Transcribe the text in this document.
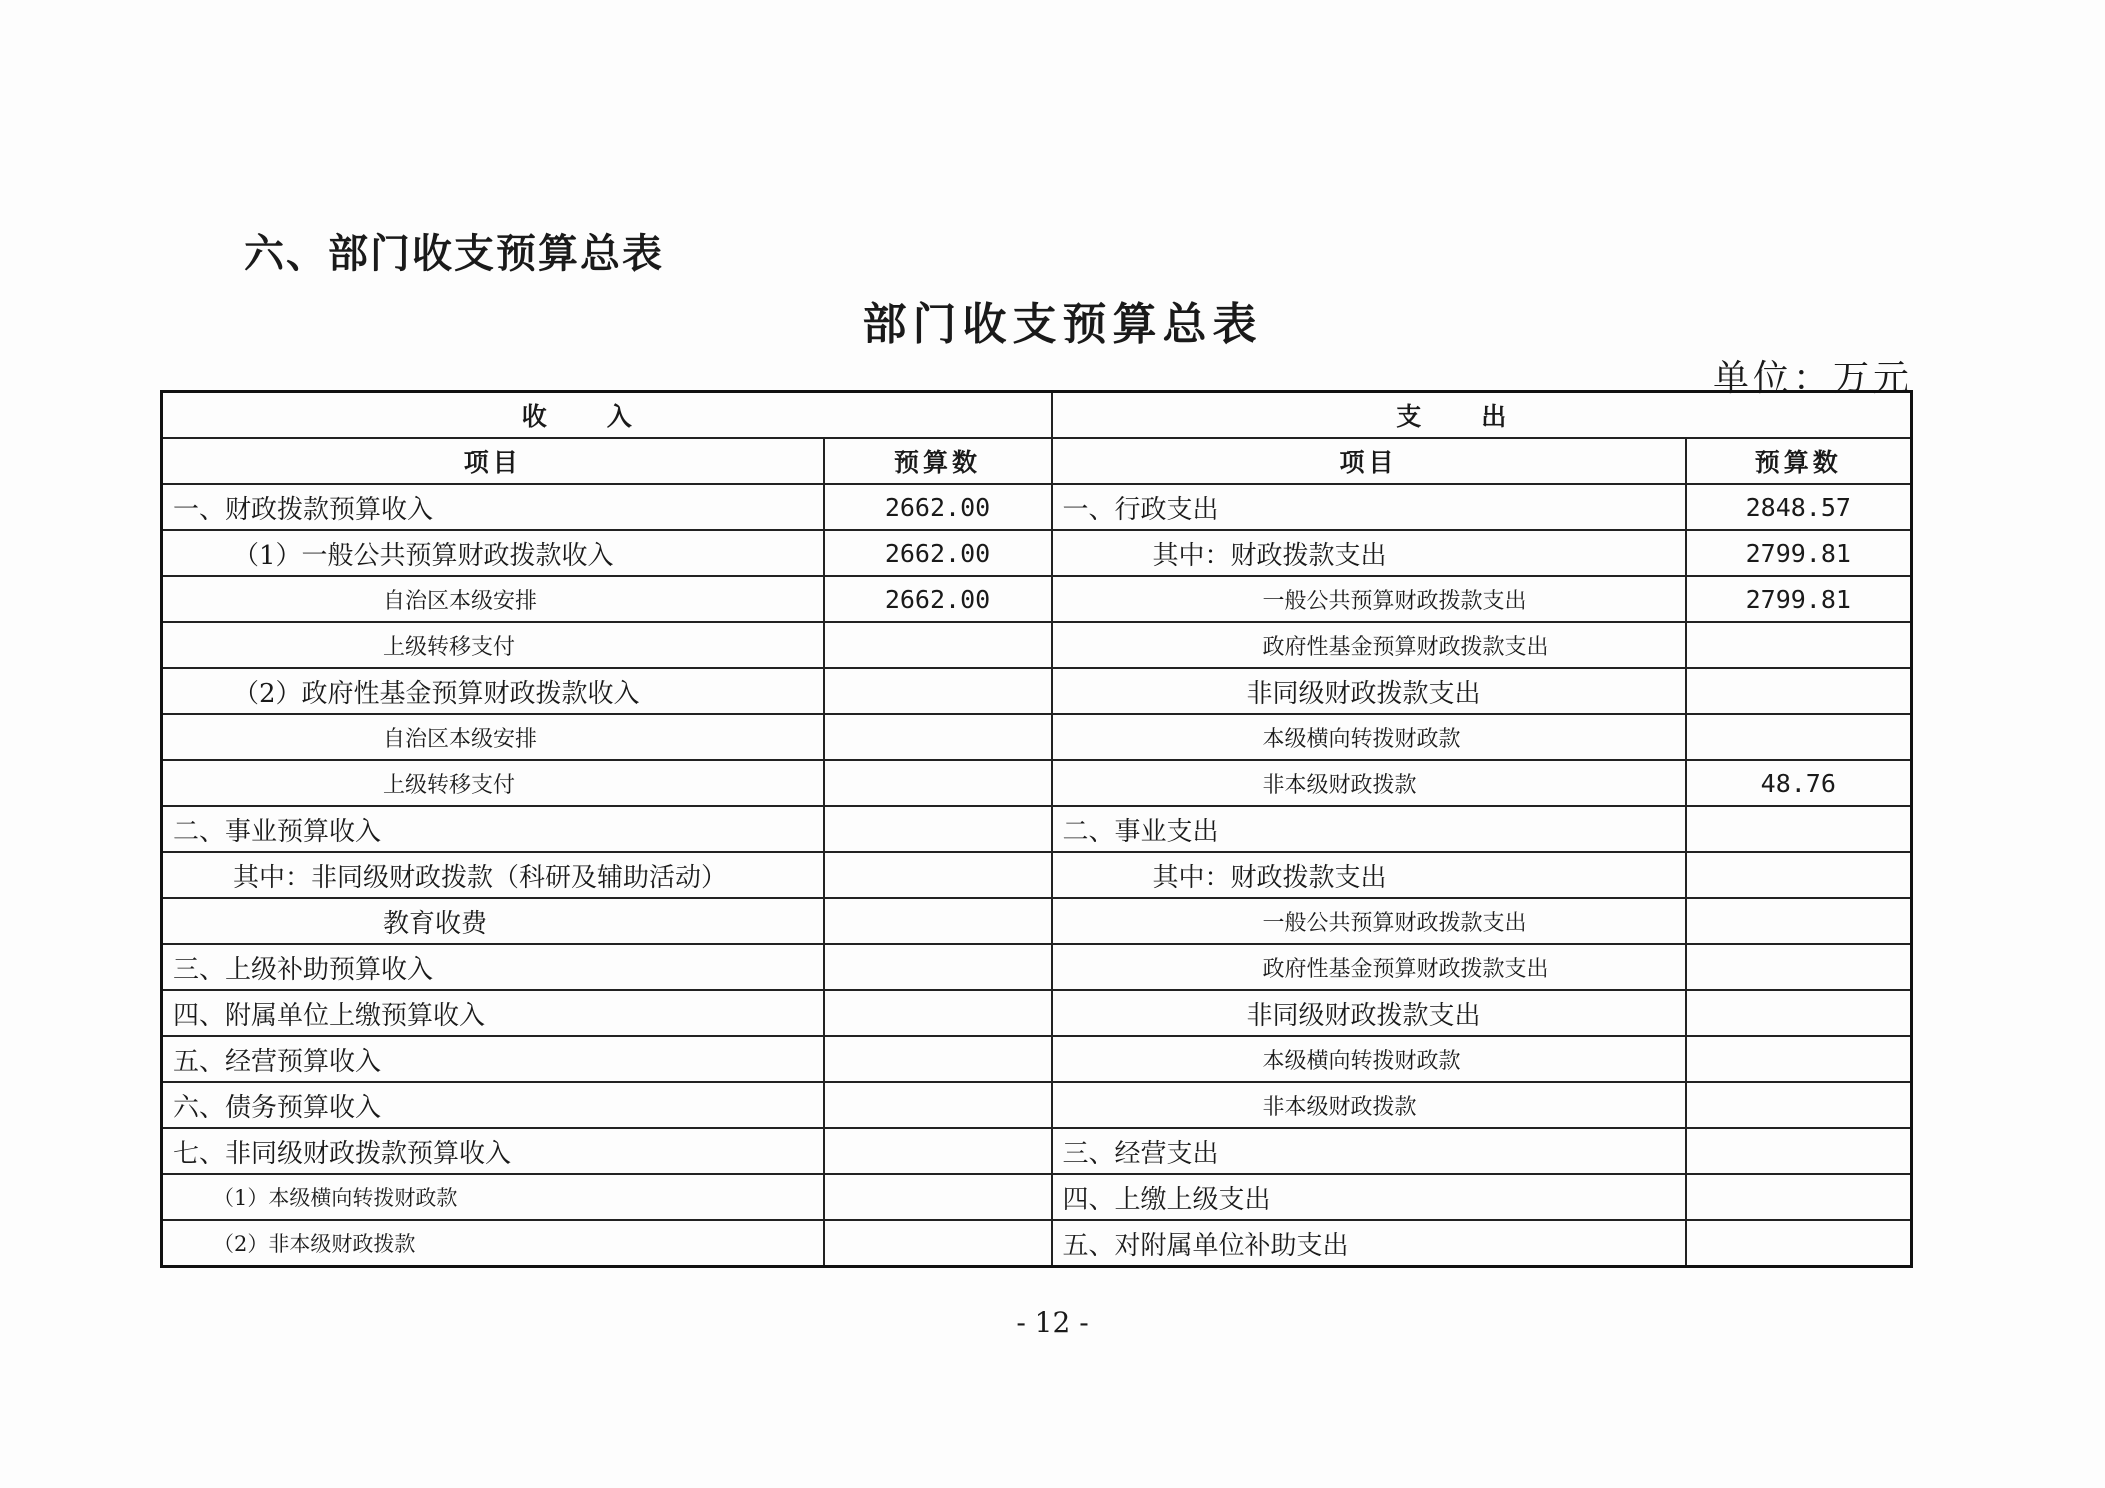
六、部门收支预算总表
部门收支预算总表
单位：万元
收入		支出	
项目	预算数	项目	预算数
一、财政拨款预算收入	2662.00	一、行政支出	2848.57
（1）一般公共预算财政拨款收入	2662.00	其中：财政拨款支出	2799.81
自治区本级安排	2662.00	一般公共预算财政拨款支出	2799.81
上级转移支付		政府性基金预算财政拨款支出	
（2）政府性基金预算财政拨款收入		非同级财政拨款支出	
自治区本级安排		本级横向转拨财政款	
上级转移支付		非本级财政拨款	48.76
二、事业预算收入		二、事业支出	
其中：非同级财政拨款（科研及辅助活动）		其中：财政拨款支出	
教育收费		一般公共预算财政拨款支出	
三、上级补助预算收入		政府性基金预算财政拨款支出	
四、附属单位上缴预算收入		非同级财政拨款支出	
五、经营预算收入		本级横向转拨财政款	
六、债务预算收入		非本级财政拨款	
七、非同级财政拨款预算收入		三、经营支出	
（1）本级横向转拨财政款		四、上缴上级支出	
（2）非本级财政拨款		五、对附属单位补助支出	
- 12 -
